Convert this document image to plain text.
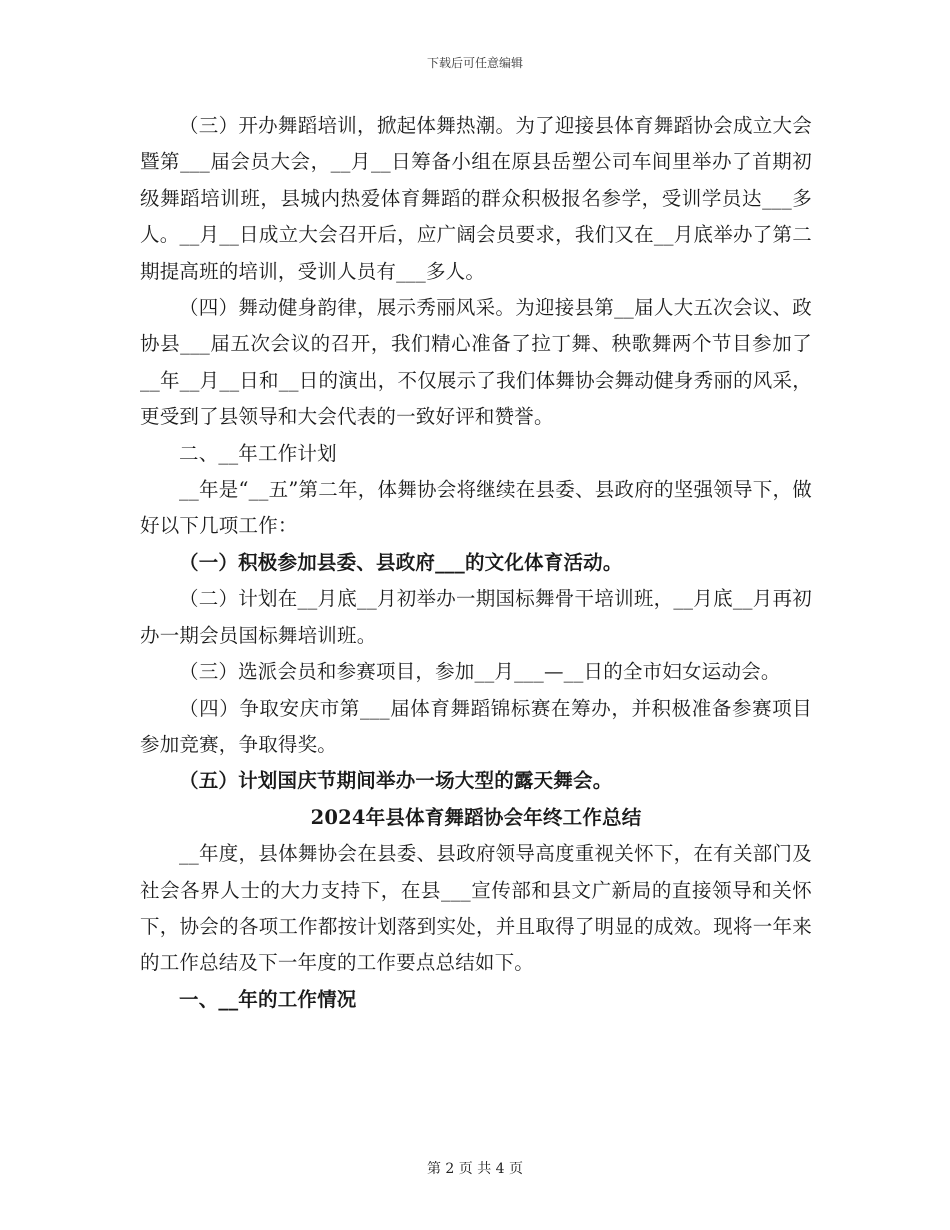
下载后可任意编辑

（三）开办舞蹈培训，掀起体舞热潮。为了迎接县体育舞蹈协会成立大会暨第___届会员大会，__月__日筹备小组在原县岳塑公司车间里举办了首期初级舞蹈培训班，县城内热爱体育舞蹈的群众积极报名参学，受训学员达___多人。__月__日成立大会召开后，应广阔会员要求，我们又在__月底举办了第二期提高班的培训，受训人员有___多人。

（四）舞动健身韵律，展示秀丽风采。为迎接县第__届人大五次会议、政协县___届五次会议的召开，我们精心准备了拉丁舞、秧歌舞两个节目参加了__年__月__日和__日的演出，不仅展示了我们体舞协会舞动健身秀丽的风采，更受到了县领导和大会代表的一致好评和赞誉。

二、__年工作计划

__年是“__五”第二年，体舞协会将继续在县委、县政府的坚强领导下，做好以下几项工作：

（一）积极参加县委、县政府___的文化体育活动。

（二）计划在__月底__月初举办一期国标舞骨干培训班，__月底__月再初办一期会员国标舞培训班。

（三）选派会员和参赛项目，参加__月___—__日的全市妇女运动会。

（四）争取安庆市第___届体育舞蹈锦标赛在筹办，并积极准备参赛项目参加竞赛，争取得奖。

（五）计划国庆节期间举办一场大型的露天舞会。

2024年县体育舞蹈协会年终工作总结

__年度，县体舞协会在县委、县政府领导高度重视关怀下，在有关部门及社会各界人士的大力支持下，在县___宣传部和县文广新局的直接领导和关怀下，协会的各项工作都按计划落到实处，并且取得了明显的成效。现将一年来的工作总结及下一年度的工作要点总结如下。

一、__年的工作情况

第 2 页 共 4 页
